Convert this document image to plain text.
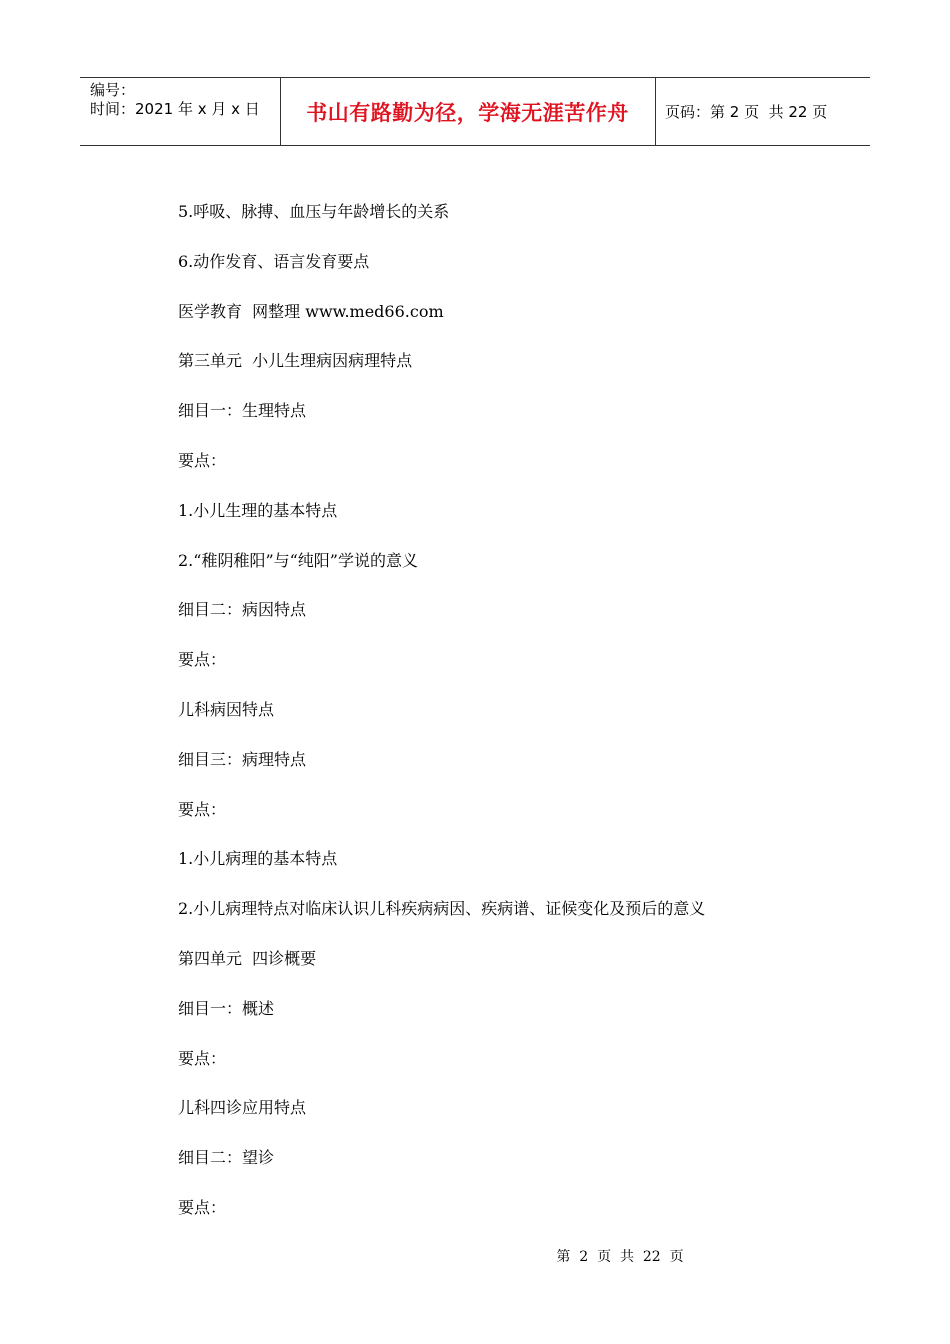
编号：
时间：2021 年 x 月 x 日	书山有路勤为径，学海无涯苦作舟	页码：第 2 页  共 22 页

5.呼吸、脉搏、血压与年龄增长的关系

6.动作发育、语言发育要点

医学教育  网整理 www.med66.com

第三单元  小儿生理病因病理特点

细目一：生理特点

要点：

1.小儿生理的基本特点

2.“稚阴稚阳”与“纯阳”学说的意义

细目二：病因特点

要点：

儿科病因特点

细目三：病理特点

要点：

1.小儿病理的基本特点

2.小儿病理特点对临床认识儿科疾病病因、疾病谱、证候变化及预后的意义

第四单元  四诊概要

细目一：概述

要点：

儿科四诊应用特点

细目二：望诊

要点：

第  2  页  共  22  页
